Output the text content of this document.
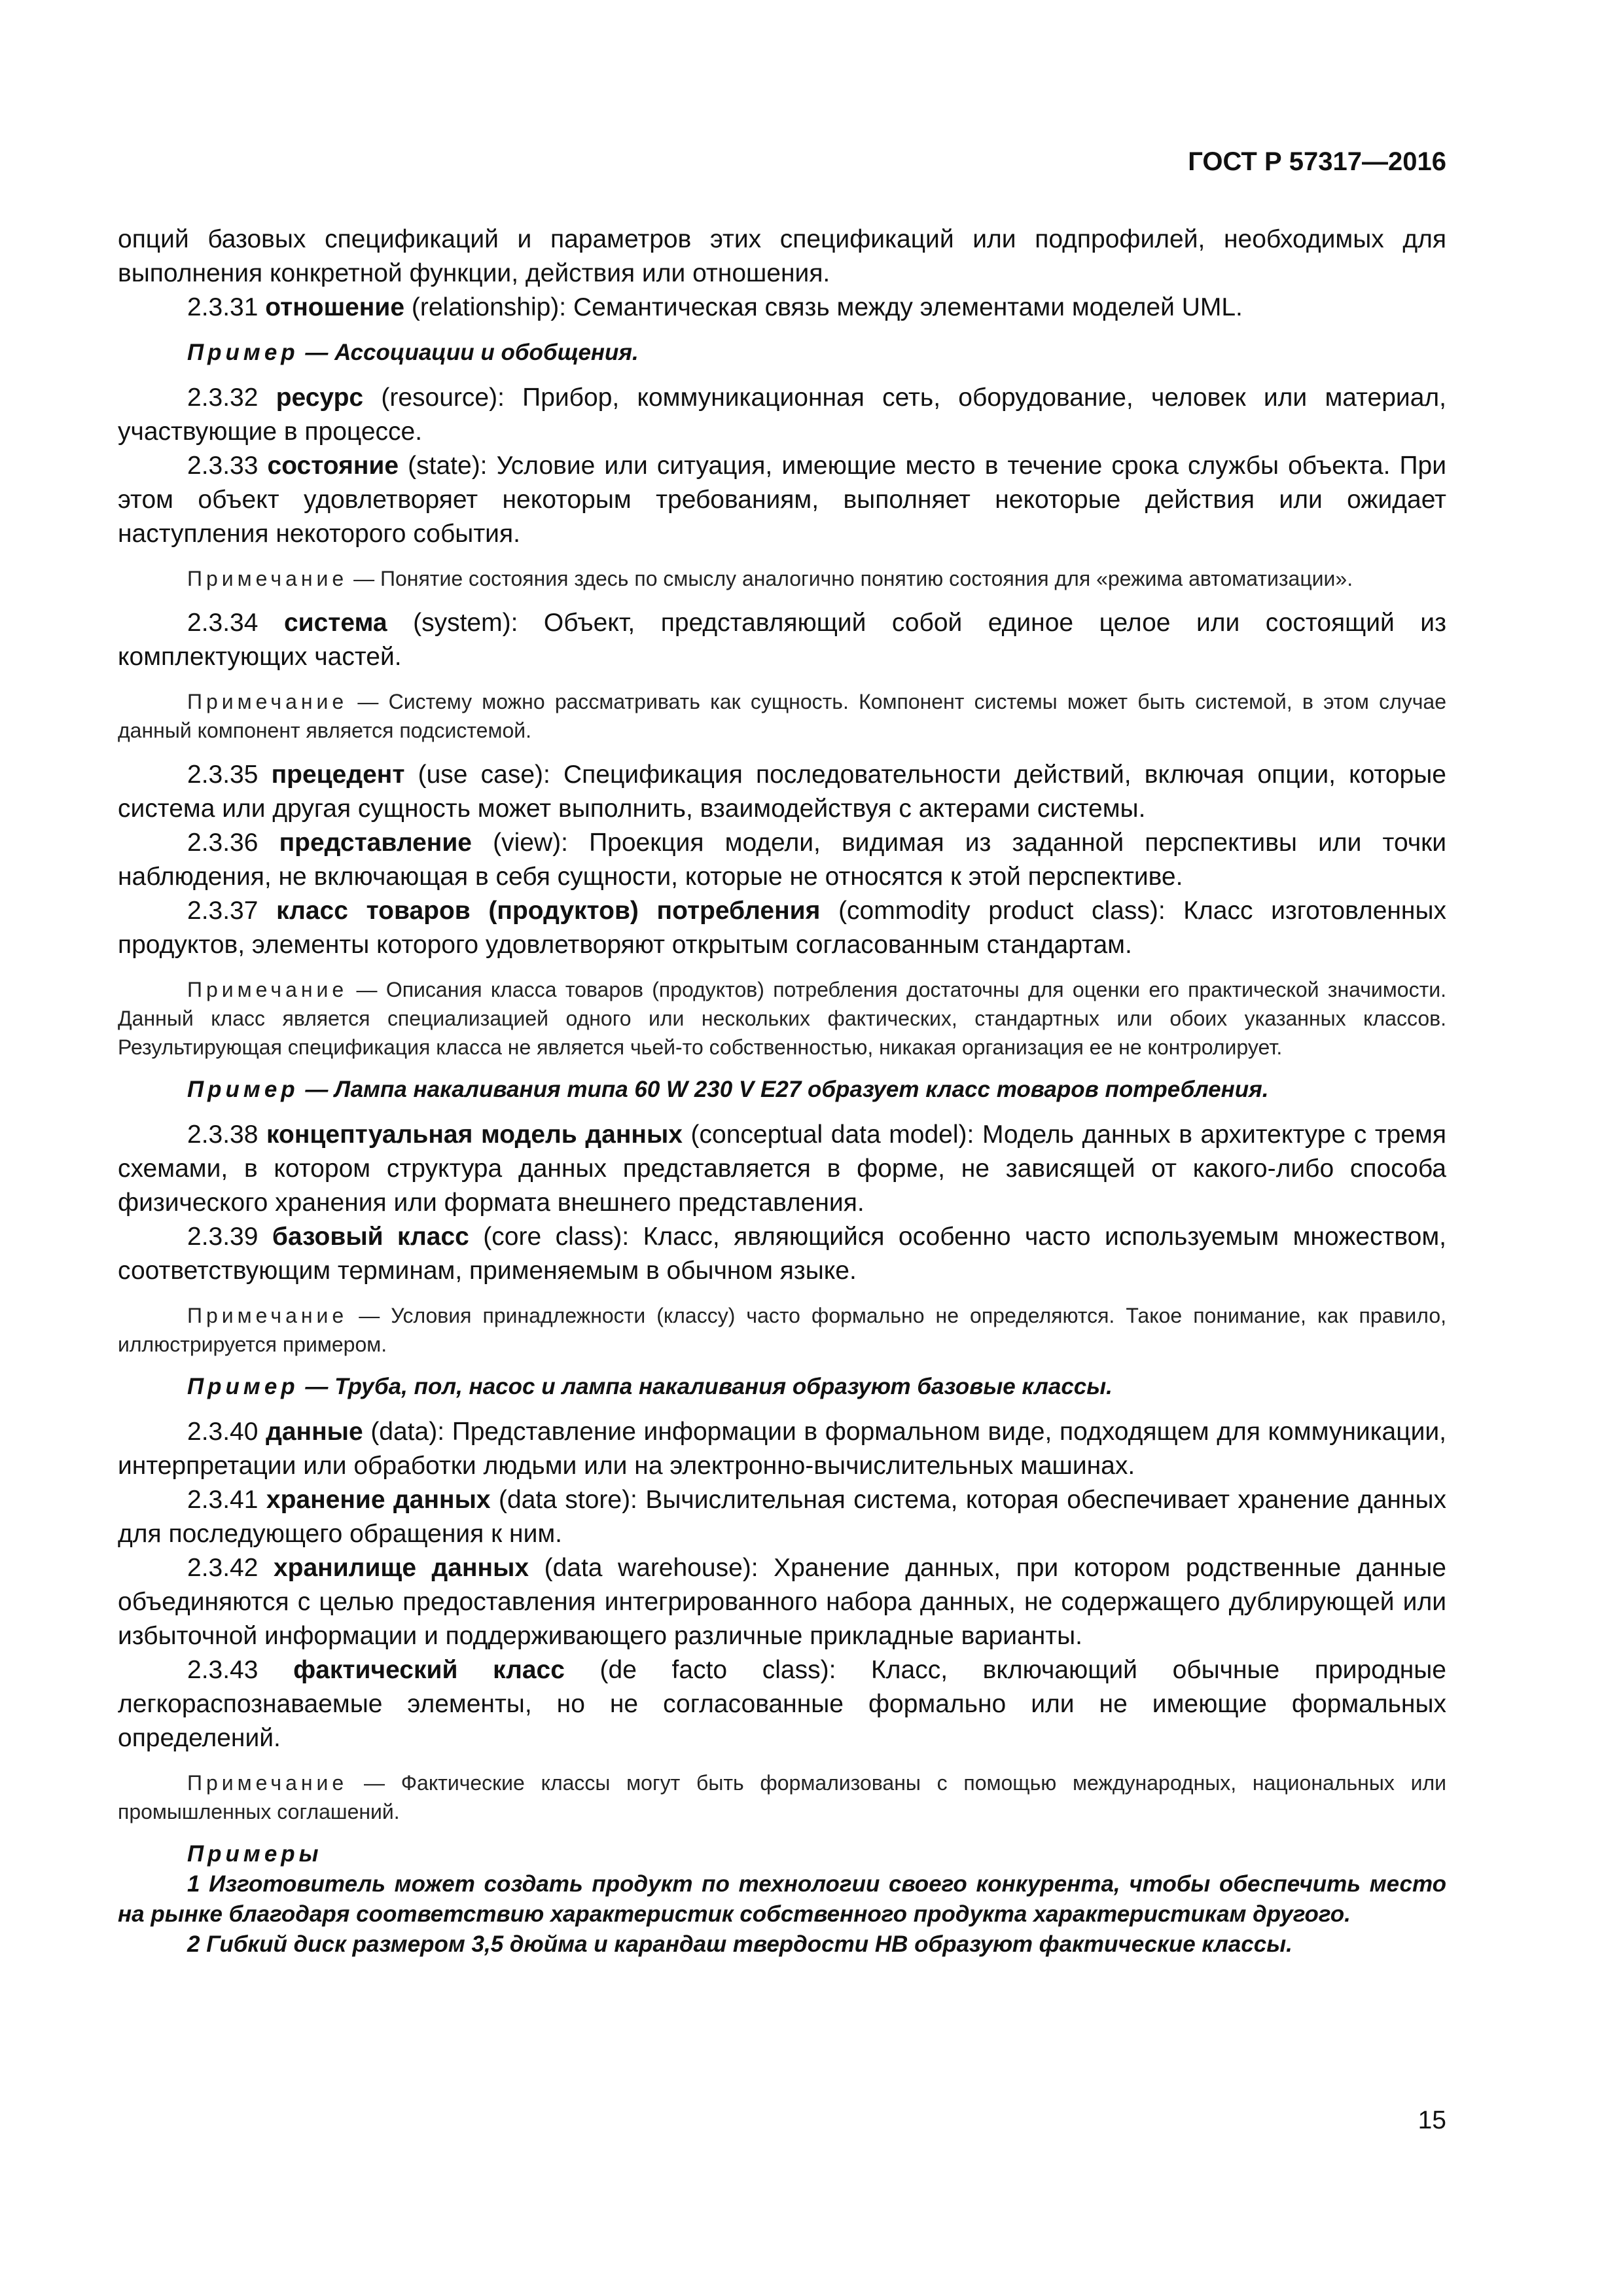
ГОСТ Р 57317—2016

опций базовых спецификаций и параметров этих спецификаций или подпрофилей, необходимых для выполнения конкретной функции, действия или отношения.

2.3.31 отношение (relationship): Семантическая связь между элементами моделей UML.

Пример — Ассоциации и обобщения.

2.3.32 ресурс (resource): Прибор, коммуникационная сеть, оборудование, человек или материал, участвующие в процессе.

2.3.33 состояние (state): Условие или ситуация, имеющие место в течение срока службы объекта. При этом объект удовлетворяет некоторым требованиям, выполняет некоторые действия или ожидает наступления некоторого события.

Примечание — Понятие состояния здесь по смыслу аналогично понятию состояния для «режима автоматизации».

2.3.34 система (system): Объект, представляющий собой единое целое или состоящий из комплектующих частей.

Примечание — Систему можно рассматривать как сущность. Компонент системы может быть системой, в этом случае данный компонент является подсистемой.

2.3.35 прецедент (use case): Спецификация последовательности действий, включая опции, которые система или другая сущность может выполнить, взаимодействуя с актерами системы.

2.3.36 представление (view): Проекция модели, видимая из заданной перспективы или точки наблюдения, не включающая в себя сущности, которые не относятся к этой перспективе.

2.3.37 класс товаров (продуктов) потребления (commodity product class): Класс изготовленных продуктов, элементы которого удовлетворяют открытым согласованным стандартам.

Примечание — Описания класса товаров (продуктов) потребления достаточны для оценки его практической значимости. Данный класс является специализацией одного или нескольких фактических, стандартных или обоих указанных классов. Результирующая спецификация класса не является чьей-то собственностью, никакая организация ее не контролирует.

Пример — Лампа накаливания типа 60 W 230 V E27 образует класс товаров потребления.

2.3.38 концептуальная модель данных (conceptual data model): Модель данных в архитектуре с тремя схемами, в котором структура данных представляется в форме, не зависящей от какого-либо способа физического хранения или формата внешнего представления.

2.3.39 базовый класс (core class): Класс, являющийся особенно часто используемым множеством, соответствующим терминам, применяемым в обычном языке.

Примечание — Условия принадлежности (классу) часто формально не определяются. Такое понимание, как правило, иллюстрируется примером.

Пример — Труба, пол, насос и лампа накаливания образуют базовые классы.

2.3.40 данные (data): Представление информации в формальном виде, подходящем для коммуникации, интерпретации или обработки людьми или на электронно-вычислительных машинах.

2.3.41 хранение данных (data store): Вычислительная система, которая обеспечивает хранение данных для последующего обращения к ним.

2.3.42 хранилище данных (data warehouse): Хранение данных, при котором родственные данные объединяются с целью предоставления интегрированного набора данных, не содержащего дублирующей или избыточной информации и поддерживающего различные прикладные варианты.

2.3.43 фактический класс (de facto class): Класс, включающий обычные природные легкораспознаваемые элементы, но не согласованные формально или не имеющие формальных определений.

Примечание — Фактические классы могут быть формализованы с помощью международных, национальных или промышленных соглашений.

Примеры

1 Изготовитель может создать продукт по технологии своего конкурента, чтобы обеспечить место на рынке благодаря соответствию характеристик собственного продукта характеристикам другого.

2 Гибкий диск размером 3,5 дюйма и карандаш твердости НВ образуют фактические классы.

15
